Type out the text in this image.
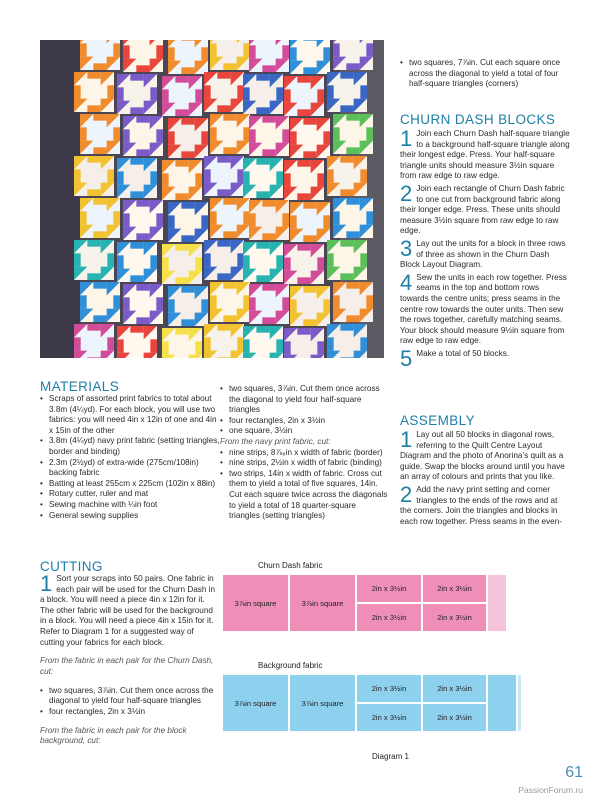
MATERIALS
• Scraps of assorted print fabrics to total about 3.8m (4¼yd). For each block, you will use two fabrics: you will need 4in x 12in of one and 4in x 15in of the other
• 3.8m (4¼yd) navy print fabric (setting triangles, border and binding)
• 2.3m (2½yd) of extra-wide (275cm/108in) backing fabric
• Batting at least 255cm x 225cm (102in x 88in)
• Rotary cutter, ruler and mat
• Sewing machine with ¼in foot
• General sewing supplies
• two squares, 3⅞in. Cut them once across the diagonal to yield four half-square triangles
• four rectangles, 2in x 3½in
• one square, 3½in

From the navy print fabric, cut:

• nine strips, 8⅞₈in x width of fabric (border)
• nine strips, 2½in x width of fabric (binding)
• two strips, 14in x width of fabric. Cross cut them to yield a total of five squares, 14in. Cut each square twice across the diagonals to yield a total of 18 quarter-square triangles (setting triangles)
CUTTING
1 Sort your scraps into 50 pairs. One fabric in each pair will be used for the Churn Dash in a block. You will need a piece 4in x 12in for it. The other fabric will be used for the background in a block. You will need a piece 4in x 15in for it. Refer to Diagram 1 for a suggested way of cutting your fabrics for each block.

From the fabric in each pair for the Churn Dash, cut:

• two squares, 3⅞in. Cut them once across the diagonal to yield four half-square triangles
• four rectangles, 2in x 3½in

From the fabric in each pair for the block background, cut:

• two squares, 7⅞in. Cut each square once across the diagonal to yield a total of four half-square triangles (corners)
CHURN DASH BLOCKS
1 Join each Churn Dash half-square triangle to a background half-square triangle along their longest edge. Press. Your half-square triangle units should measure 3½in square from raw edge to raw edge.
2 Join each rectangle of Churn Dash fabric to one cut from background fabric along their longer edge. Press. These units should measure 3½in square from raw edge to raw edge.
3 Lay out the units for a block in three rows of three as shown in the Churn Dash Block Layout Diagram.
4 Sew the units in each row together. Press seams in the top and bottom rows towards the centre units; press seams in the centre row towards the outer units. Then sew the rows together, carefully matching seams. Your block should measure 9½in square from raw edge to raw edge.
5 Make a total of 50 blocks.
ASSEMBLY
1 Lay out all 50 blocks in diagonal rows, referring to the Quilt Centre Layout Diagram and the photo of Anorina’s quilt as a guide. Swap the blocks around until you have an array of colours and prints that you like.
2 Add the navy print setting and corner triangles to the ends of the rows and at the corners. Join the triangles and blocks in each row together. Press seams in the even-
Churn Dash fabric
3⅞in square	3⅞in square
2in x 3½in	2in x 3½in
2in x 3½in	2in x 3½in
Background fabric
3⅞in square	3⅞in square
2in x 3½in	2in x 3½in
2in x 3½in	2in x 3½in
Diagram 1
61
PassionForum.ru
